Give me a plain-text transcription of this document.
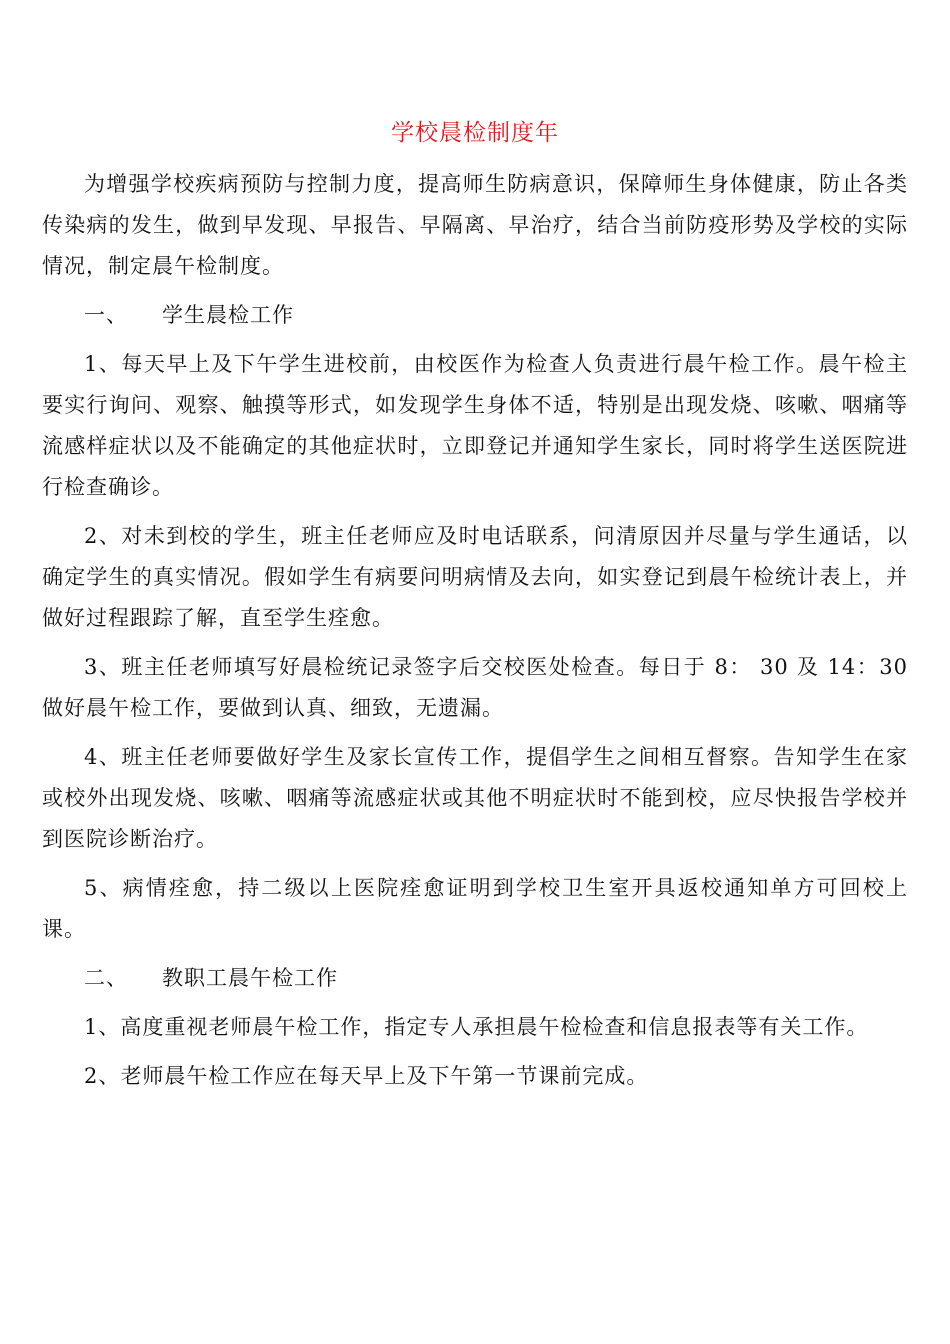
学校晨检制度年

为增强学校疾病预防与控制力度，提高师生防病意识，保障师生身体健康，防止各类传染病的发生，做到早发现、早报告、早隔离、早治疗，结合当前防疫形势及学校的实际情况，制定晨午检制度。

一、 学生晨检工作

1、每天早上及下午学生进校前，由校医作为检查人负责进行晨午检工作。晨午检主要实行询问、观察、触摸等形式，如发现学生身体不适，特别是出现发烧、咳嗽、咽痛等流感样症状以及不能确定的其他症状时，立即登记并通知学生家长，同时将学生送医院进行检查确诊。

2、对未到校的学生，班主任老师应及时电话联系，问清原因并尽量与学生通话，以确定学生的真实情况。假如学生有病要问明病情及去向，如实登记到晨午检统计表上，并做好过程跟踪了解，直至学生痊愈。

3、班主任老师填写好晨检统记录签字后交校医处检查。每日于 8： 30 及 14：30 做好晨午检工作，要做到认真、细致，无遗漏。

4、班主任老师要做好学生及家长宣传工作，提倡学生之间相互督察。告知学生在家或校外出现发烧、咳嗽、咽痛等流感症状或其他不明症状时不能到校，应尽快报告学校并到医院诊断治疗。

5、病情痊愈，持二级以上医院痊愈证明到学校卫生室开具返校通知单方可回校上课。

二、 教职工晨午检工作

1、高度重视老师晨午检工作，指定专人承担晨午检检查和信息报表等有关工作。

2、老师晨午检工作应在每天早上及下午第一节课前完成。
